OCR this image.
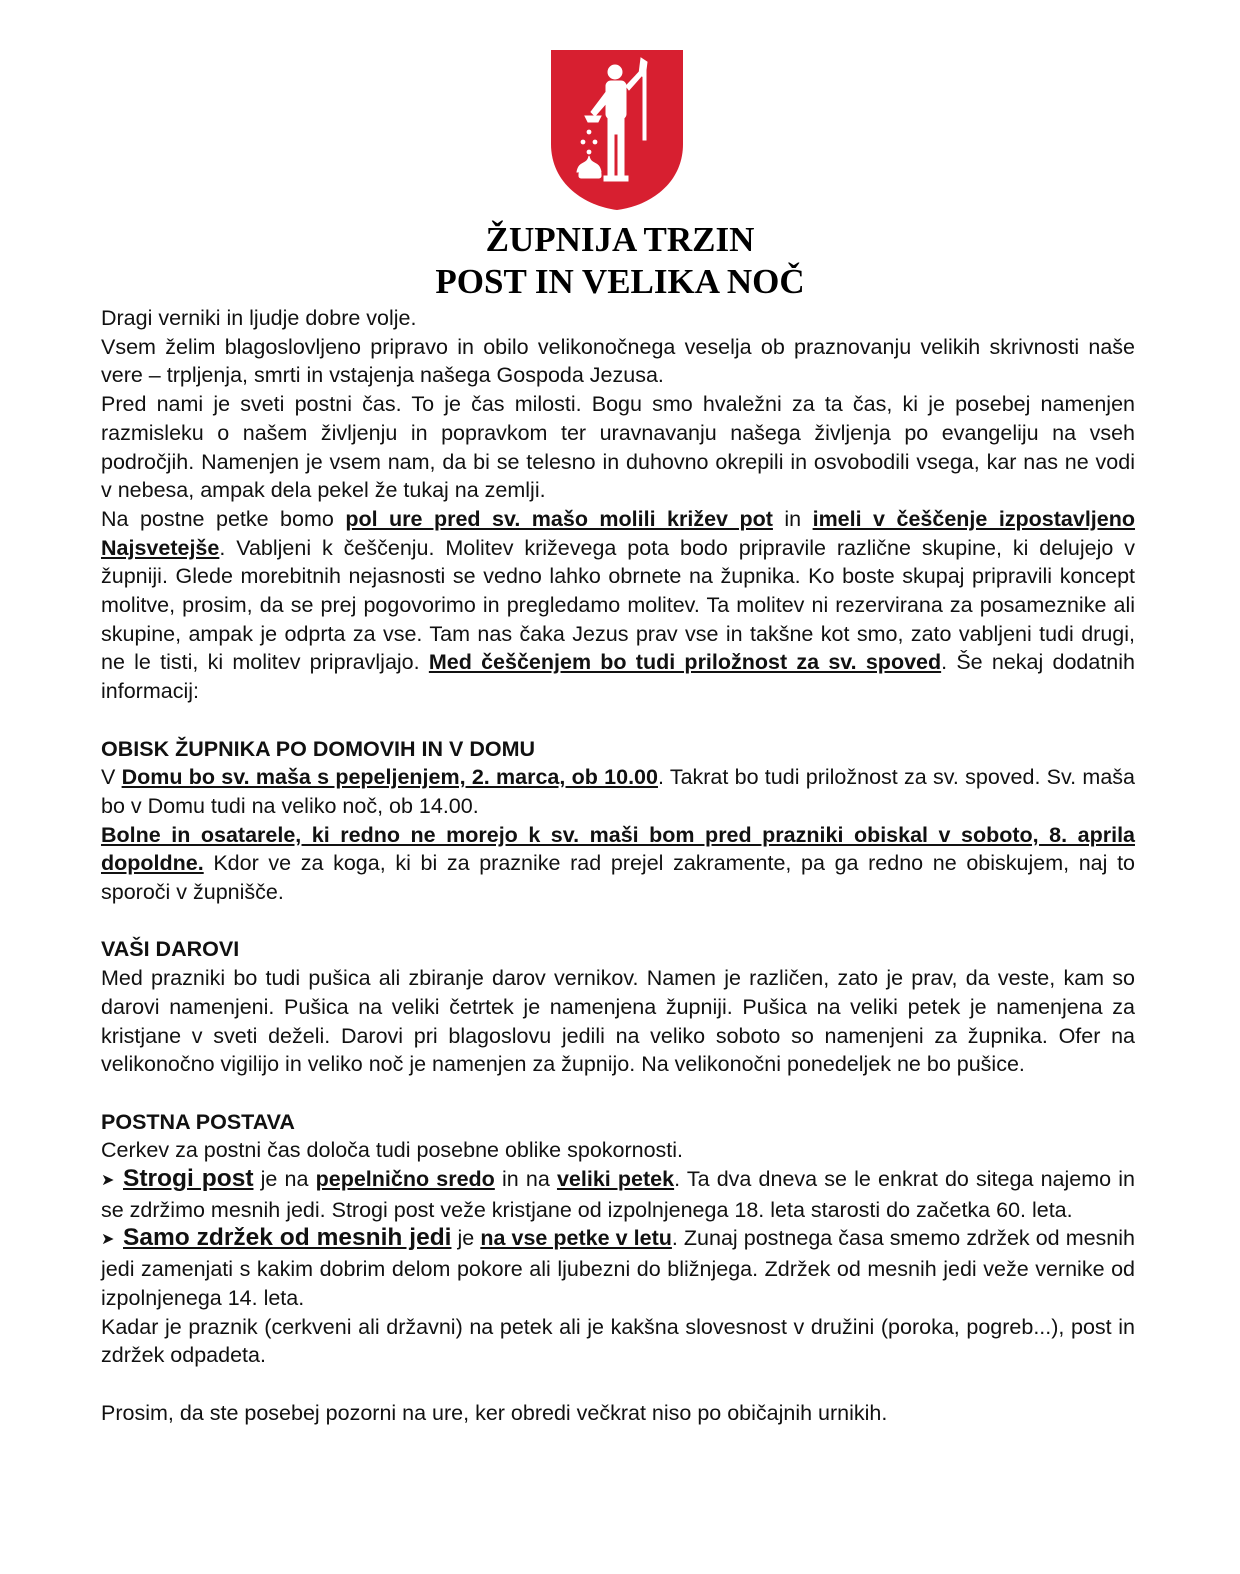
ŽUPNIJA TRZIN
POST IN VELIKA NOČ

Dragi verniki in ljudje dobre volje.

Vsem želim blagoslovljeno pripravo in obilo velikonočnega veselja ob praznovanju velikih skrivnosti naše vere – trpljenja, smrti in vstajenja našega Gospoda Jezusa.

Pred nami je sveti postni čas. To je čas milosti. Bogu smo hvaležni za ta čas, ki je posebej namenjen razmisleku o našem življenju in popravkom ter uravnavanju našega življenja po evangeliju na vseh področjih. Namenjen je vsem nam, da bi se telesno in duhovno okrepili in osvobodili vsega, kar nas ne vodi v nebesa, ampak dela pekel že tukaj na zemlji.

Na postne petke bomo pol ure pred sv. mašo molili križev pot in imeli v češčenje izpostavljeno Najsvetejše. Vabljeni k češčenju. Molitev križevega pota bodo pripravile različne skupine, ki delujejo v župniji. Glede morebitnih nejasnosti se vedno lahko obrnete na župnika. Ko boste skupaj pripravili koncept molitve, prosim, da se prej pogovorimo in pregledamo molitev. Ta molitev ni rezervirana za posameznike ali skupine, ampak je odprta za vse. Tam nas čaka Jezus prav vse in takšne kot smo, zato vabljeni tudi drugi, ne le tisti, ki molitev pripravljajo. Med češčenjem bo tudi priložnost za sv. spoved. Še nekaj dodatnih informacij:

OBISK ŽUPNIKA PO DOMOVIH IN V DOMU

V Domu bo sv. maša s pepeljenjem, 2. marca, ob 10.00. Takrat bo tudi priložnost za sv. spoved. Sv. maša bo v Domu tudi na veliko noč, ob 14.00.

Bolne in osatarele, ki redno ne morejo k sv. maši bom pred prazniki obiskal v soboto, 8. aprila dopoldne. Kdor ve za koga, ki bi za praznike rad prejel zakramente, pa ga redno ne obiskujem, naj to sporoči v župnišče.

VAŠI DAROVI

Med prazniki bo tudi pušica ali zbiranje darov vernikov. Namen je različen, zato je prav, da veste, kam so darovi namenjeni. Pušica na veliki četrtek je namenjena župniji. Pušica na veliki petek je namenjena za kristjane v sveti deželi. Darovi pri blagoslovu jedili na veliko soboto so namenjeni za župnika. Ofer na velikonočno vigilijo in veliko noč je namenjen za župnijo. Na velikonočni ponedeljek ne bo pušice.

POSTNA POSTAVA

Cerkev za postni čas določa tudi posebne oblike spokornosti.

➤ Strogi post je na pepelnično sredo in na veliki petek. Ta dva dneva se le enkrat do sitega najemo in se zdržimo mesnih jedi. Strogi post veže kristjane od izpolnjenega 18. leta starosti do začetka 60. leta.

➤ Samo zdržek od mesnih jedi je na vse petke v letu. Zunaj postnega časa smemo zdržek od mesnih jedi zamenjati s kakim dobrim delom pokore ali ljubezni do bližnjega. Zdržek od mesnih jedi veže vernike od izpolnjenega 14. leta.

Kadar je praznik (cerkveni ali državni) na petek ali je kakšna slovesnost v družini (poroka, pogreb...), post in zdržek odpadeta.

Prosim, da ste posebej pozorni na ure, ker obredi večkrat niso po običajnih urnikih.
